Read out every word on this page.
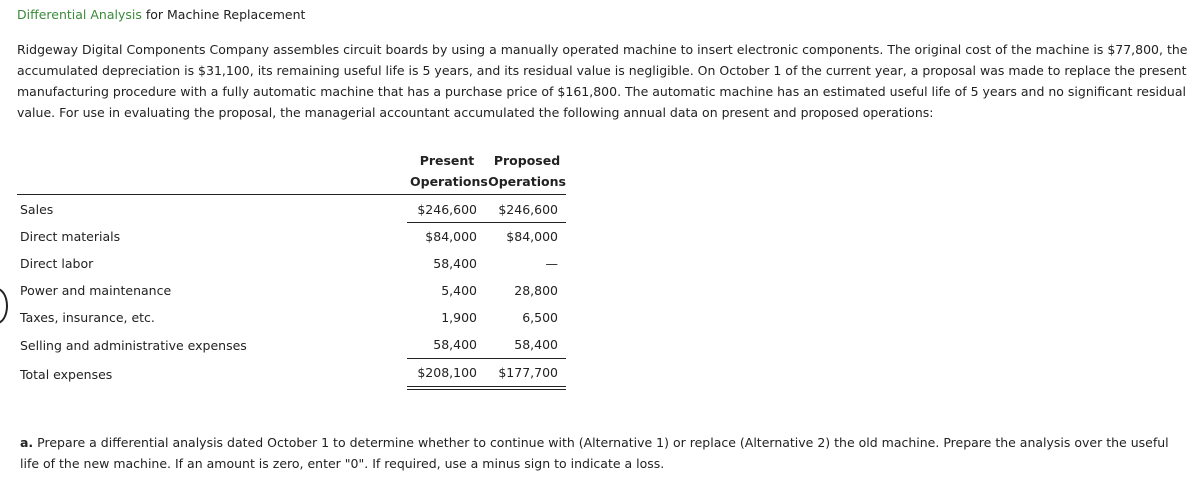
Differential Analysis for Machine Replacement
Ridgeway Digital Components Company assembles circuit boards by using a manually operated machine to insert electronic components. The original cost of the machine is $77,800, the accumulated depreciation is $31,100, its remaining useful life is 5 years, and its residual value is negligible. On October 1 of the current year, a proposal was made to replace the present manufacturing procedure with a fully automatic machine that has a purchase price of $161,800. The automatic machine has an estimated useful life of 5 years and no significant residual value. For use in evaluating the proposal, the managerial accountant accumulated the following annual data on present and proposed operations:
Present
Operations
Proposed
Operations
Sales
Direct materials
Direct labor
Power and maintenance
Taxes, insurance, etc.
Selling and administrative expenses
Total expenses
$246,600
$84,000
58,400
5,400
1,900
58,400
$208,100
$246,600
$84,000
—
28,800
6,500
58,400
$177,700
a. Prepare a differential analysis dated October 1 to determine whether to continue with (Alternative 1) or replace (Alternative 2) the old machine. Prepare the analysis over the useful life of the new machine. If an amount is zero, enter "0". If required, use a minus sign to indicate a loss.
